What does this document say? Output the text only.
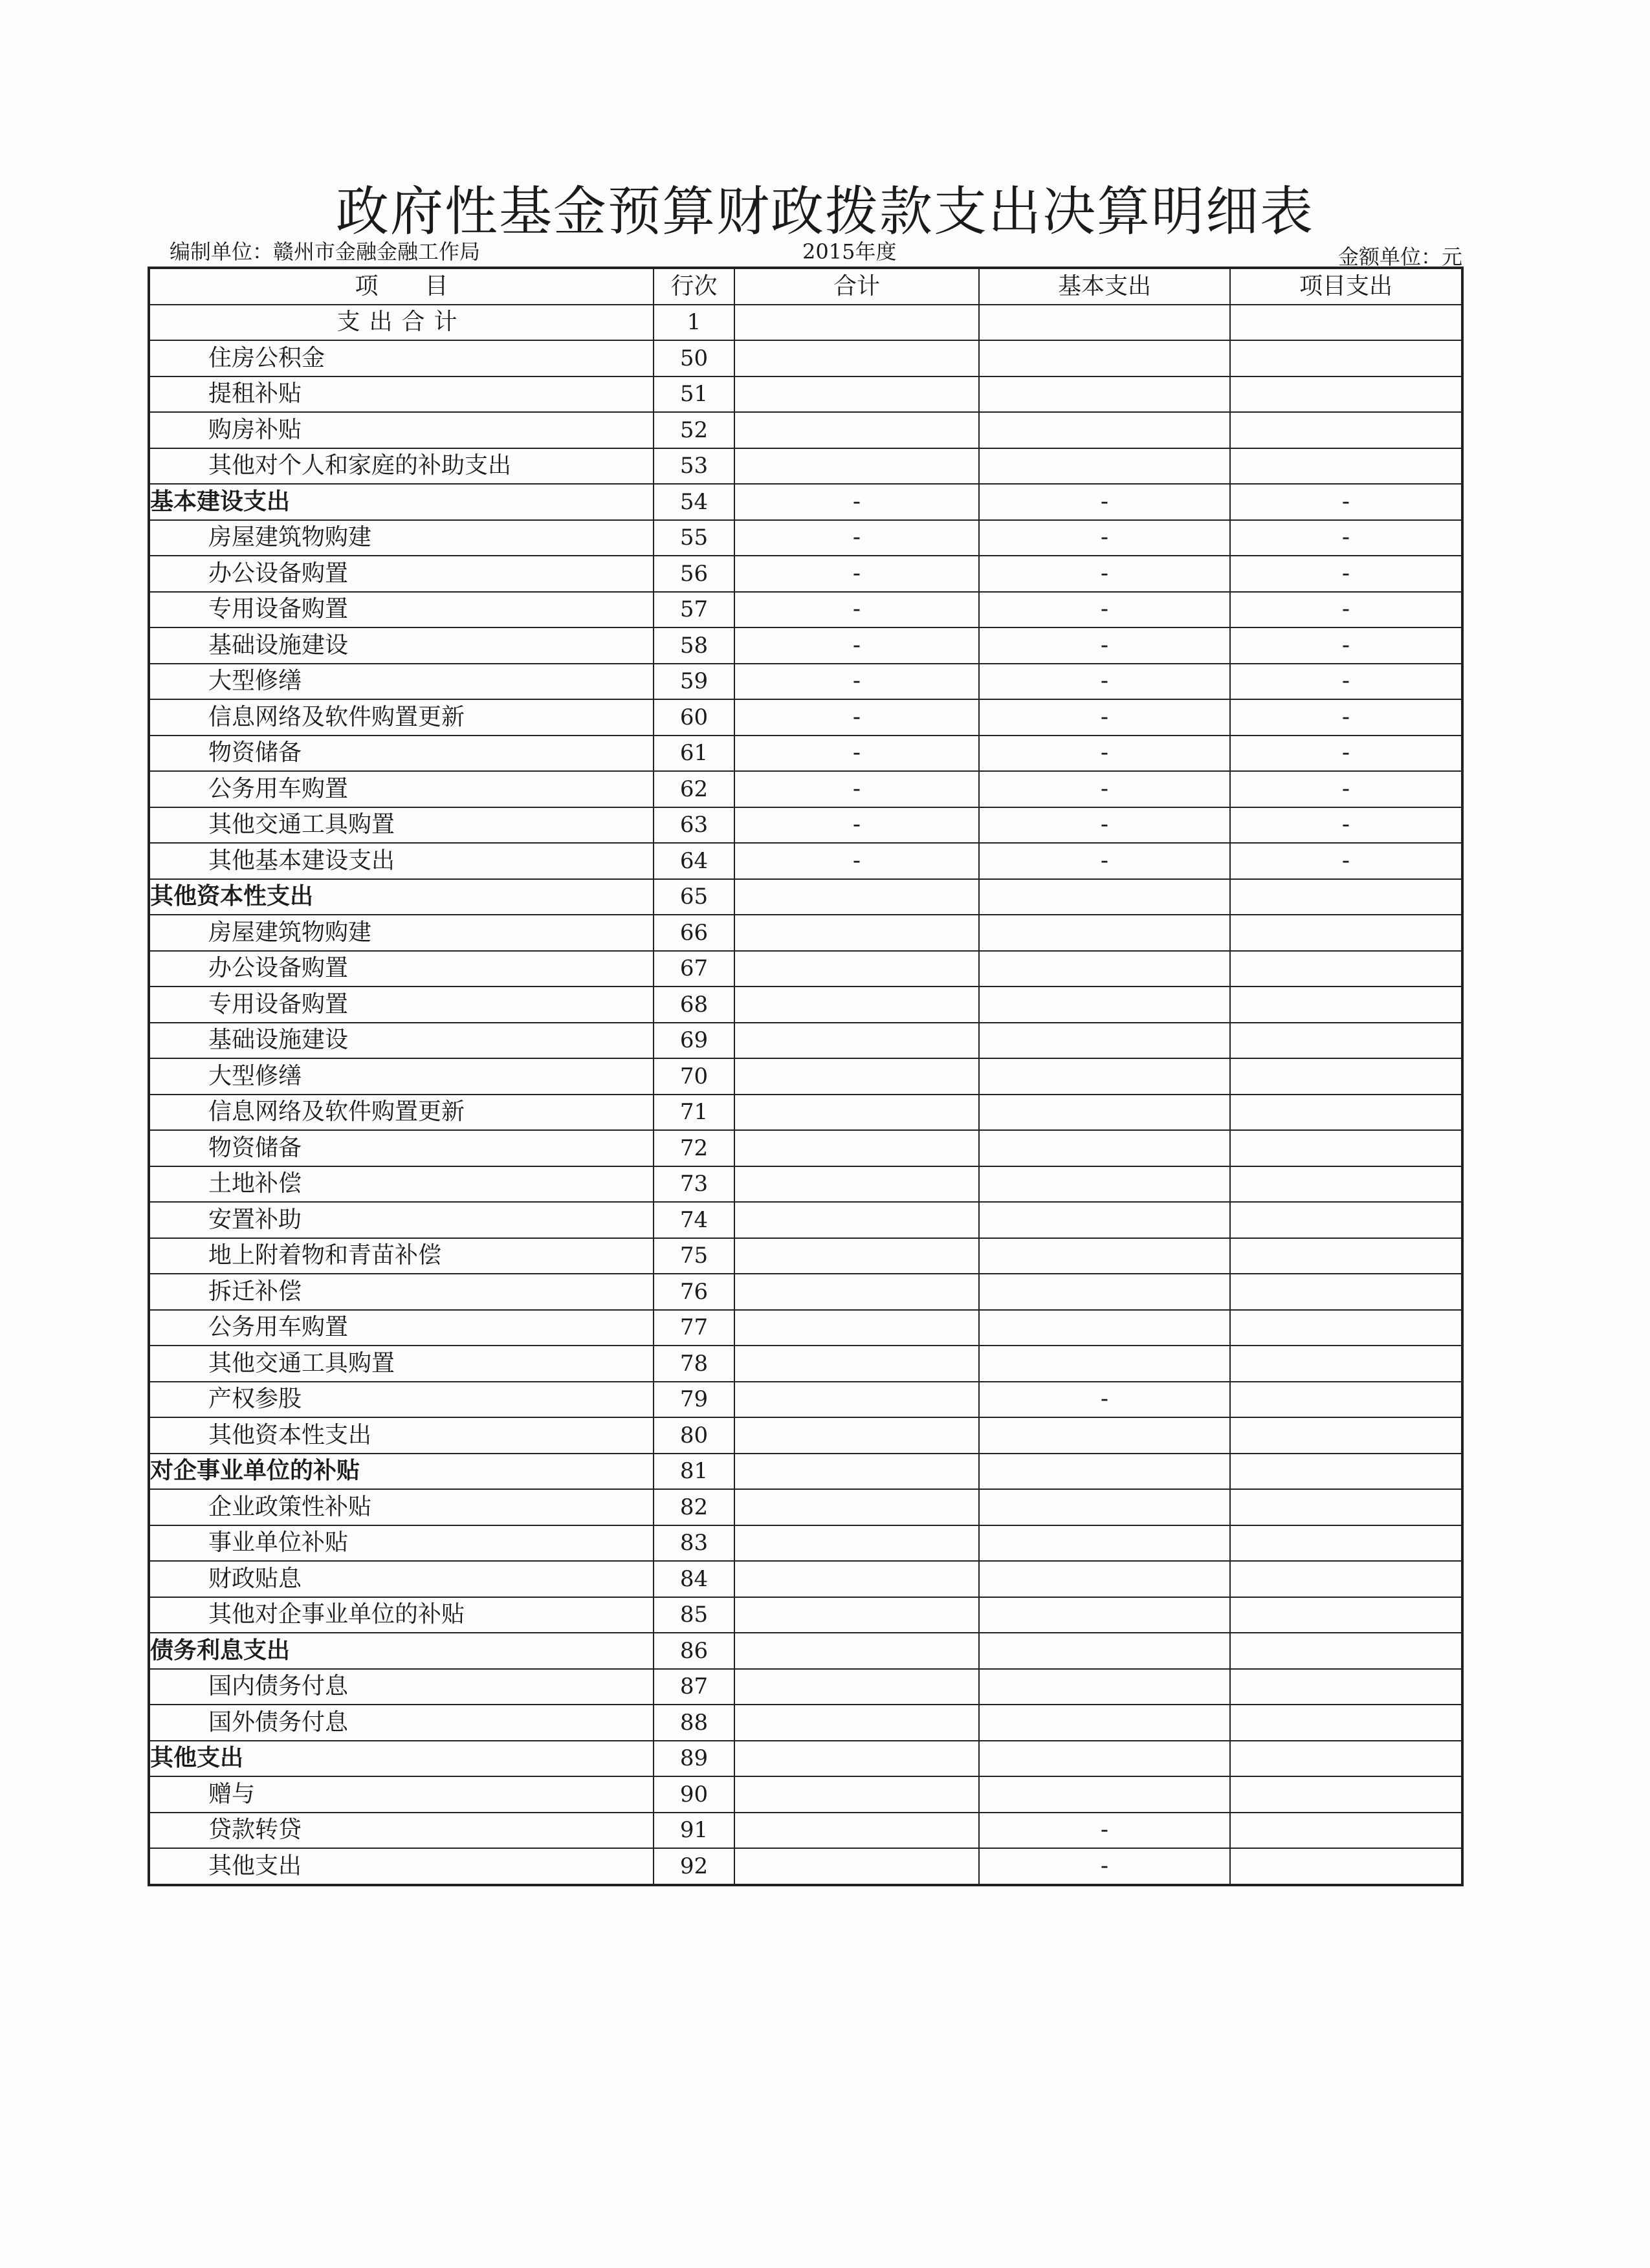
政府性基金预算财政拨款支出决算明细表
编制单位：赣州市金融金融工作局	2015年度	金额单位：元
项　　目	行次	合计	基本支出	项目支出
支出合计	1			
住房公积金	50			
提租补贴	51			
购房补贴	52			
其他对个人和家庭的补助支出	53			
基本建设支出	54	-	-	-
房屋建筑物购建	55	-	-	-
办公设备购置	56	-	-	-
专用设备购置	57	-	-	-
基础设施建设	58	-	-	-
大型修缮	59	-	-	-
信息网络及软件购置更新	60	-	-	-
物资储备	61	-	-	-
公务用车购置	62	-	-	-
其他交通工具购置	63	-	-	-
其他基本建设支出	64	-	-	-
其他资本性支出	65			
房屋建筑物购建	66			
办公设备购置	67			
专用设备购置	68			
基础设施建设	69			
大型修缮	70			
信息网络及软件购置更新	71			
物资储备	72			
土地补偿	73			
安置补助	74			
地上附着物和青苗补偿	75			
拆迁补偿	76			
公务用车购置	77			
其他交通工具购置	78			
产权参股	79		-	
其他资本性支出	80			
对企事业单位的补贴	81			
企业政策性补贴	82			
事业单位补贴	83			
财政贴息	84			
其他对企事业单位的补贴	85			
债务利息支出	86			
国内债务付息	87			
国外债务付息	88			
其他支出	89			
赠与	90			
贷款转贷	91		-	
其他支出	92		-	
